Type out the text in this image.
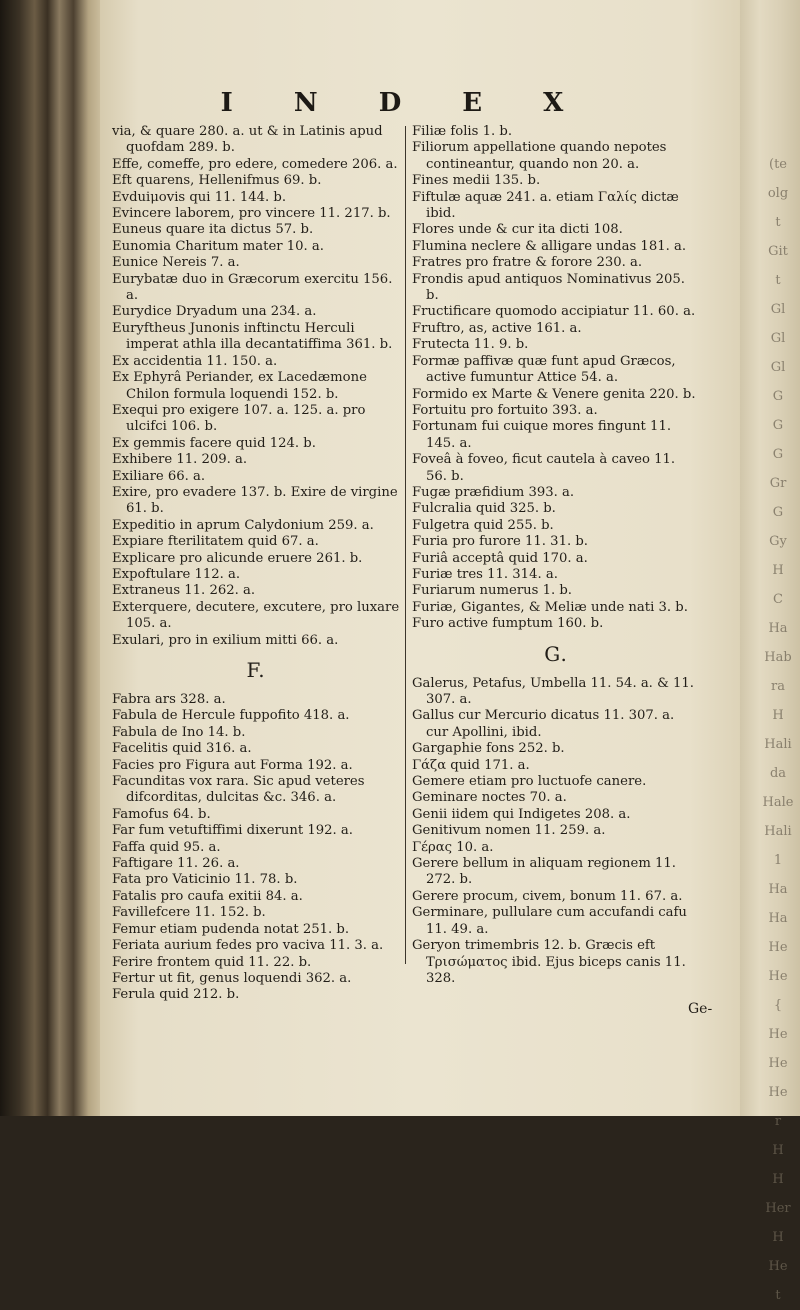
(te
olg
t
Git
t
Gl
Gl
Gl
G
G
G
Gr
G
Gy
H
C
Ha
Hab
ra
H
Hali
da
Hale
Hali
1
Ha
Ha
He
He
{
He
He
He
r
H
H
Her
H
He
t
I N D E X

via, & quare 280. a. ut & in Latinis apud quofdam 289. b.

Effe, comeffe, pro edere, comedere 206. a.

Eft quarens, Hellenifmus 69. b.

Evduiμovis qui 11. 144. b.

Evincere laborem, pro vincere 11. 217. b.

Euneus quare ita dictus 57. b.

Eunomia Charitum mater 10. a.

Eunice Nereis 7. a.

Eurybatæ duo in Græcorum exercitu 156. a.

Eurydice Dryadum una 234. a.

Euryftheus Junonis inftinctu Herculi imperat athla illa decantatiffima 361. b.

Ex accidentia 11. 150. a.

Ex Ephyrâ Periander, ex Lacedæmone Chilon formula loquendi 152. b.

Exequi pro exigere 107. a. 125. a. pro ulcifci 106. b.

Ex gemmis facere quid 124. b.

Exhibere 11. 209. a.

Exiliare 66. a.

Exire, pro evadere 137. b. Exire de virgine 61. b.

Expeditio in aprum Calydonium 259. a.

Expiare fterilitatem quid 67. a.

Explicare pro alicunde eruere 261. b.

Expoftulare 112. a.

Extraneus 11. 262. a.

Exterquere, decutere, excutere, pro luxare 105. a.

Exulari, pro in exilium mitti 66. a.

F.

Fabra ars 328. a.

Fabula de Hercule fuppofito 418. a.

Fabula de Ino 14. b.

Facelitis quid 316. a.

Facies pro Figura aut Forma 192. a.

Facunditas vox rara. Sic apud veteres difcorditas, dulcitas &c. 346. a.

Famofus 64. b.

Far fum vetuftiffimi dixerunt 192. a.

Faffa quid 95. a.

Faftigare 11. 26. a.

Fata pro Vaticinio 11. 78. b.

Fatalis pro caufa exitii 84. a.

Favillefcere 11. 152. b.

Femur etiam pudenda notat 251. b.

Feriata aurium fedes pro vaciva 11. 3. a.

Ferire frontem quid 11. 22. b.

Fertur ut fit, genus loquendi 362. a.

Ferula quid 212. b.

Filiæ folis 1. b.

Filiorum appellatione quando nepotes contineantur, quando non 20. a.

Fines medii 135. b.

Fiftulæ aquæ 241. a. etiam Γαλίς dictæ ibid.

Flores unde & cur ita dicti 108.

Flumina neclere & alligare undas 181. a.

Fratres pro fratre & forore 230. a.

Frondis apud antiquos Nominativus 205. b.

Fructificare quomodo accipiatur 11. 60. a.

Fruftro, as, active 161. a.

Frutecta 11. 9. b.

Formæ paffivæ quæ funt apud Græcos, active fumuntur Attice 54. a.

Formido ex Marte & Venere genita 220. b.

Fortuitu pro fortuito 393. a.

Fortunam fui cuique mores fingunt 11. 145. a.

Foveâ à foveo, ficut cautela à caveo 11. 56. b.

Fugæ præfidium 393. a.

Fulcralia quid 325. b.

Fulgetra quid 255. b.

Furia pro furore 11. 31. b.

Furiâ acceptâ quid 170. a.

Furiæ tres 11. 314. a.

Furiarum numerus 1. b.

Furiæ, Gigantes, & Meliæ unde nati 3. b.

Furo active fumptum 160. b.

G.

Galerus, Petafus, Umbella 11. 54. a. & 11. 307. a.

Gallus cur Mercurio dicatus 11. 307. a. cur Apollini, ibid.

Gargaphie fons 252. b.

Γάζα quid 171. a.

Gemere etiam pro luctuofe canere.

Geminare noctes 70. a.

Genii iidem qui Indigetes 208. a.

Genitivum nomen 11. 259. a.

Γέρας 10. a.

Gerere bellum in aliquam regionem 11. 272. b.

Gerere procum, civem, bonum 11. 67. a.

Germinare, pullulare cum accufandi cafu 11. 49. a.

Geryon trimembris 12. b. Græcis eft Τρισώματος ibid. Ejus biceps canis 11. 328.

Ge-
